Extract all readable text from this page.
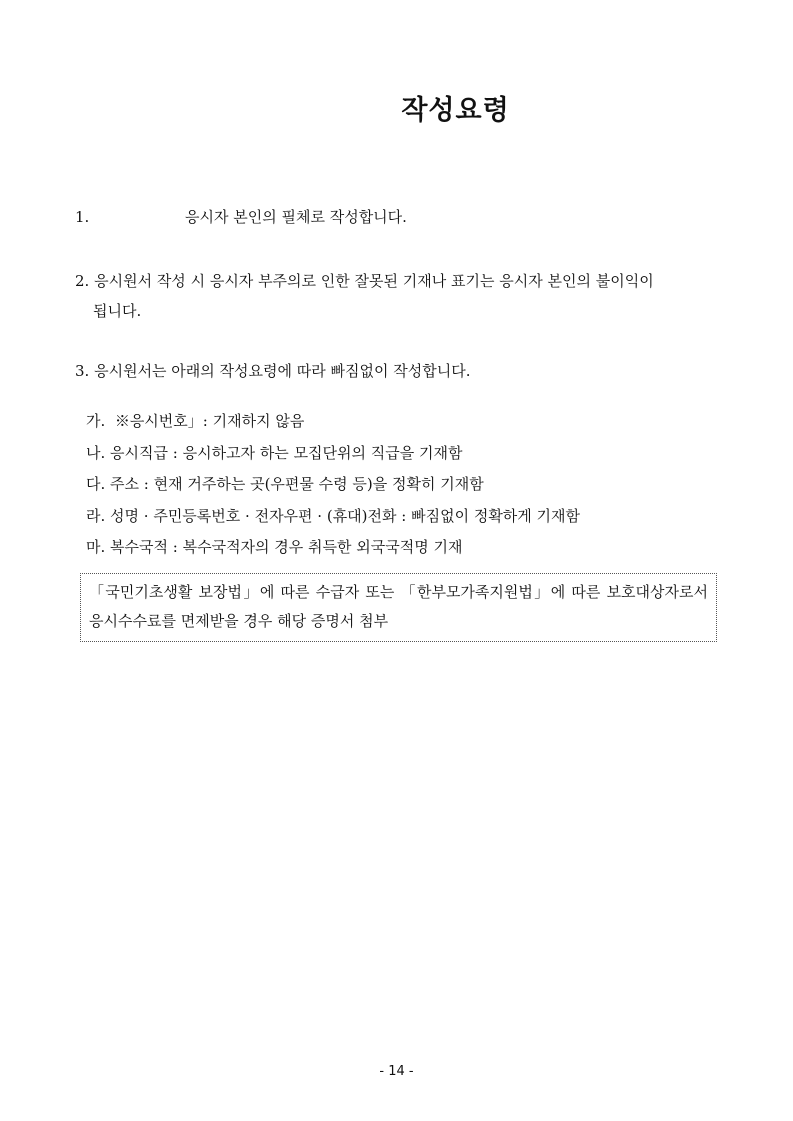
작성요령
1.	응시자 본인의 필체로 작성합니다.
2. 응시원서 작성 시 응시자 부주의로 인한 잘못된 기재나 표기는 응시자 본인의 불이익이
됩니다.
3. 응시원서는 아래의 작성요령에 따라 빠짐없이 작성합니다.
가. ※응시번호」: 기재하지 않음
나. 응시직급 : 응시하고자 하는 모집단위의 직급을 기재함
다. 주소 : 현재 거주하는 곳(우편물 수령 등)을 정확히 기재함
라. 성명 · 주민등록번호 · 전자우편 · (휴대)전화 : 빠짐없이 정확하게 기재함
마. 복수국적 : 복수국적자의 경우 취득한 외국국적명 기재
「국민기초생활 보장법」에 따른 수급자 또는 「한부모가족지원법」에 따른 보호대상자로서 응시수수료를 면제받을 경우 해당 증명서 첨부
- 14 -
